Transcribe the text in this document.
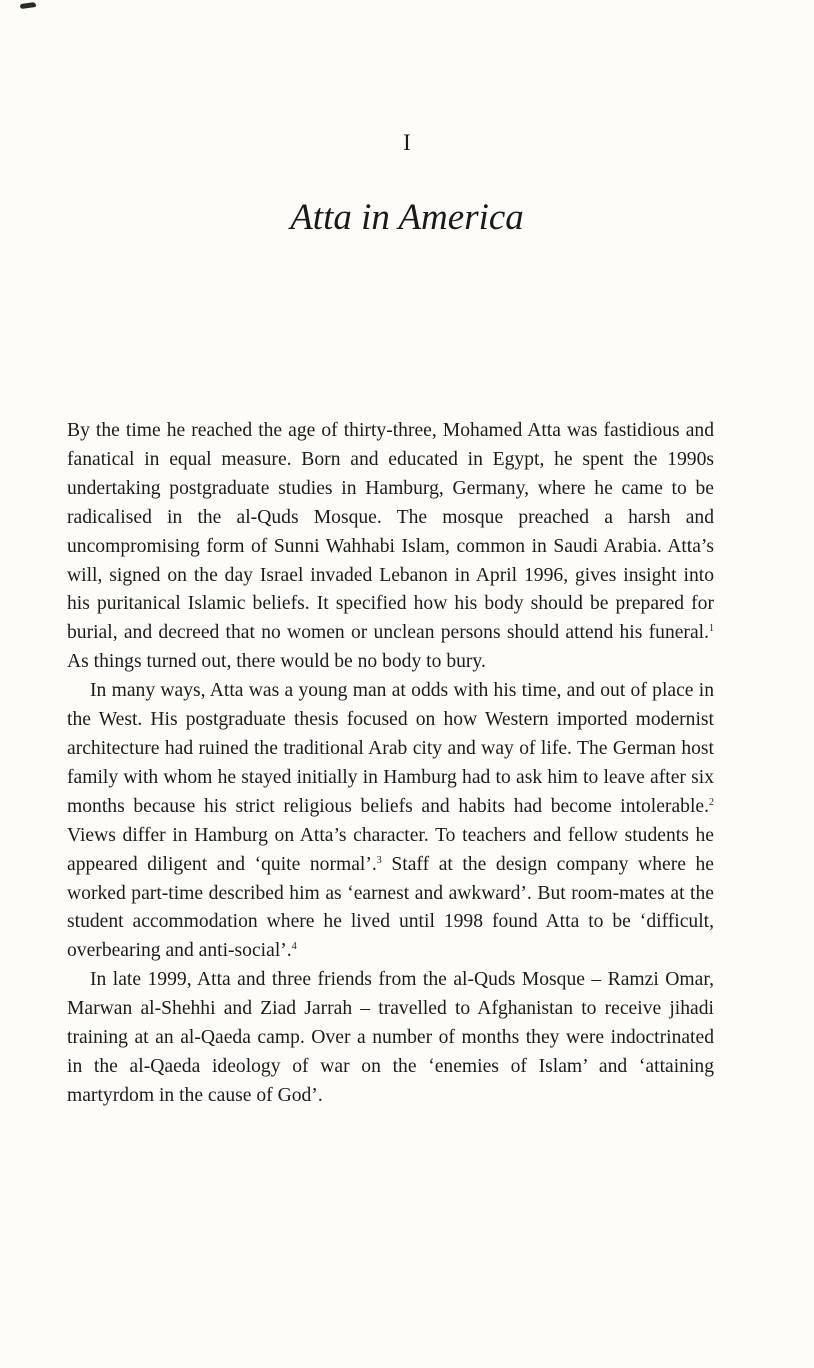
I
Atta in America

By the time he reached the age of thirty-three, Mohamed Atta was fastidious and fanatical in equal measure. Born and educated in Egypt, he spent the 1990s undertaking postgraduate studies in Hamburg, Germany, where he came to be radicalised in the al-Quds Mosque. The mosque preached a harsh and uncompromising form of Sunni Wahhabi Islam, common in Saudi Arabia. Atta’s will, signed on the day Israel invaded Lebanon in April 1996, gives insight into his puritanical Islamic beliefs. It specified how his body should be prepared for burial, and decreed that no women or unclean persons should attend his funeral.$^1$ As things turned out, there would be no body to bury.

In many ways, Atta was a young man at odds with his time, and out of place in the West. His postgraduate thesis focused on how Western imported modernist architecture had ruined the traditional Arab city and way of life. The German host family with whom he stayed initially in Hamburg had to ask him to leave after six months because his strict religious beliefs and habits had become intolerable.$^2$ Views differ in Hamburg on Atta’s character. To teachers and fellow students he appeared diligent and ‘quite normal’.$^3$ Staff at the design company where he worked part-time described him as ‘earnest and awkward’. But room-mates at the student accommodation where he lived until 1998 found Atta to be ‘difficult, overbearing and anti-social’.$^4$

In late 1999, Atta and three friends from the al-Quds Mosque – Ramzi Omar, Marwan al-Shehhi and Ziad Jarrah – travelled to Afghanistan to receive jihadi training at an al-Qaeda camp. Over a number of months they were indoctrinated in the al-Qaeda ideology of war on the ‘enemies of Islam’ and ‘attaining martyrdom in the cause of God’.
